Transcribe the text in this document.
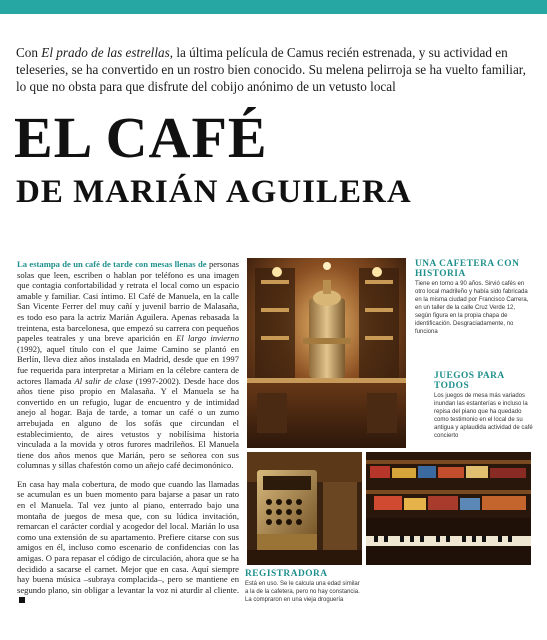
Con El prado de las estrellas, la última película de Camus recién estrenada, y su actividad en teleseries, se ha convertido en un rostro bien conocido. Su melena pelirroja se ha vuelto familiar, lo que no obsta para que disfrute del cobijo anónimo de un vetusto local

EL CAFÉ
DE MARIÁN AGUILERA

La estampa de un café de tarde con mesas llenas de personas solas que leen, escriben o hablan por teléfono es una imagen que contagia confortabilidad y retrata el local como un espacio amable y familiar. Casi íntimo. El Café de Manuela, en la calle San Vicente Ferrer del muy cañí y juvenil barrio de Malasaña, es todo eso para la actriz Marián Aguilera. Apenas rebasada la treintena, esta barcelonesa, que empezó su carrera con pequeños papeles teatrales y una breve aparición en El largo invierno (1992), aquel título con el que Jaime Camino se plantó en Berlín, lleva diez años instalada en Madrid, desde que en 1997 fue requerida para interpretar a Miriam en la célebre cantera de actores llamada Al salir de clase (1997-2002). Desde hace dos años tiene piso propio en Malasaña. Y el Manuela se ha convertido en un refugio, lugar de encuentro y de intimidad anejo al hogar. Baja de tarde, a tomar un café o un zumo arrebujada en alguno de los sofás que circundan el establecimiento, de aires vetustos y nobilísima historia vinculada a la movida y otros furores madrileños. El Manuela tiene dos años menos que Marián, pero se señorea con sus columnas y sillas chafestón como un añejo café decimonónico.

En casa hay mala cobertura, de modo que cuando las llamadas se acumulan es un buen momento para bajarse a pasar un rato en el Manuela. Tal vez junto al piano, enterrado bajo una montaña de juegos de mesa que, con su lúdica invitación, remarcan el carácter cordial y acogedor del local. Marián lo usa como una extensión de su apartamento. Prefiere citarse con sus amigos en él, incluso como escenario de confidencias con las amigas. O para repasar el código de circulación, ahora que se ha decidido a sacarse el carnet. Mejor que en casa. Aquí siempre hay buena música –subraya complacida–, pero se mantiene en segundo plano, sin obligar a levantar la voz ni aturdir al cliente.

UNA CAFETERA CON HISTORIA
Tiene en torno a 90 años. Sirvió cafés en otro local madrileño y había sido fabricada en la misma ciudad por Francisco Carrera, en un taller de la calle Cruz Verde 12, según figura en la propia chapa de identificación. Desgraciadamente, no funciona
JUEGOS PARA TODOS
Los juegos de mesa más variados inundan las estanterías e incluso la repisa del piano que ha quedado como testimonio en el local de su antigua y aplaudida actividad de café concierto
REGISTRADORA
Está en uso. Se le calcula una edad similar a la de la cafetera, pero no hay constancia. La compraron en una vieja droguería
